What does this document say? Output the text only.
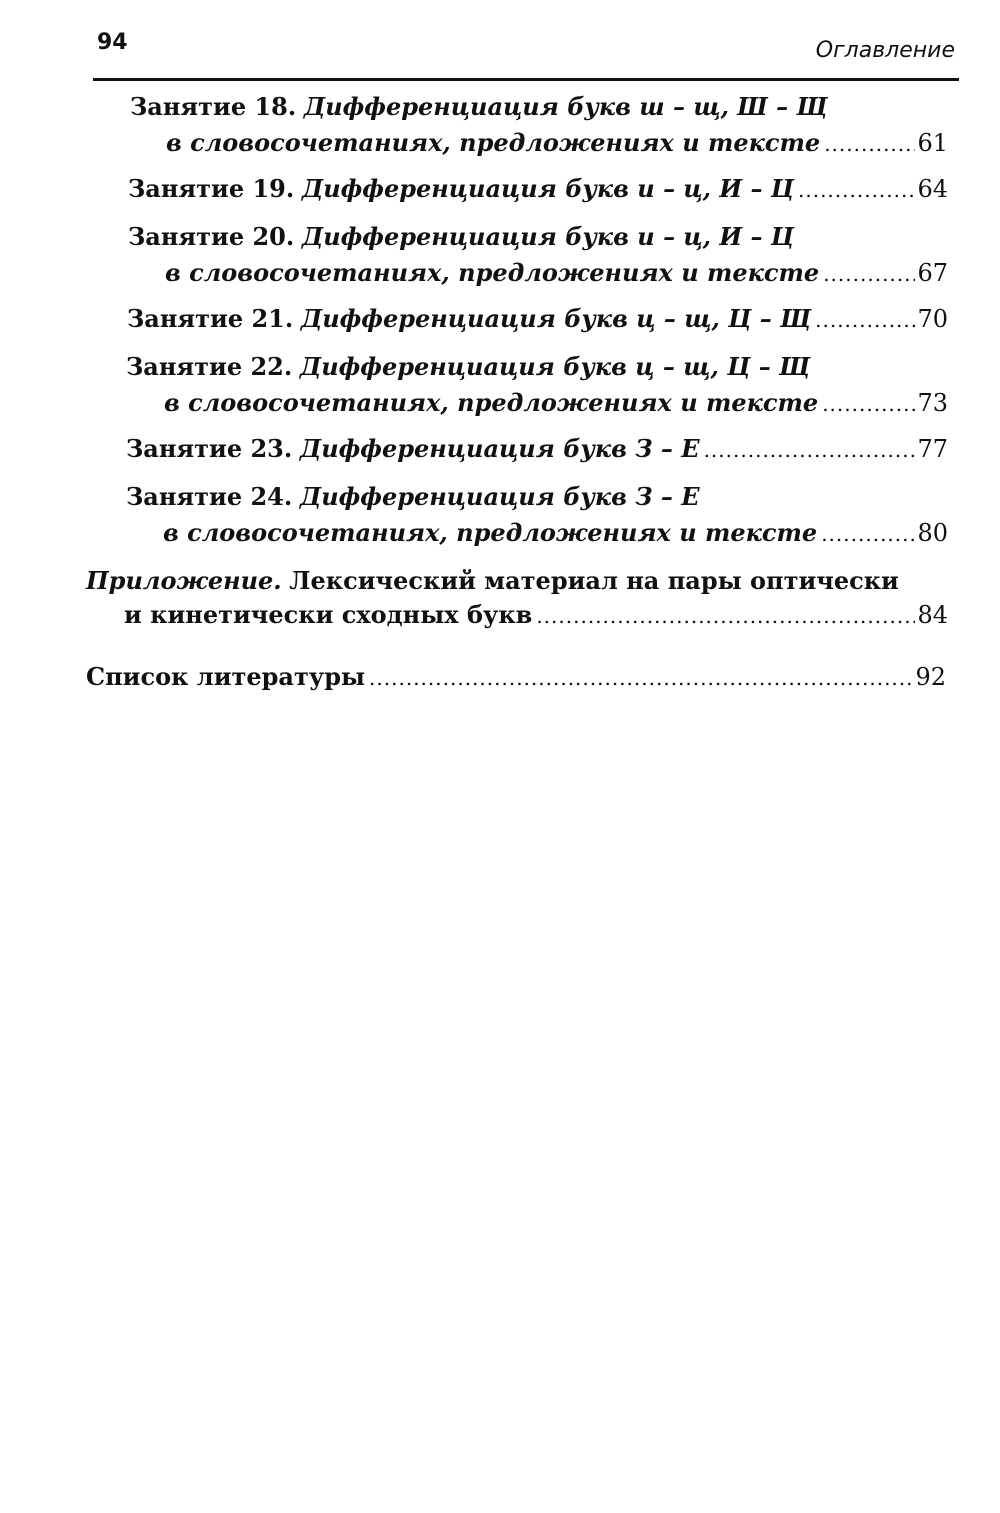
94	Оглавление
Занятие 18.
Дифференциация букв ш – щ, Ш – Щ
в словосочетаниях, предложениях и тексте .....	61
Занятие 19.
Дифференциация букв и – ц, И – Ц .....	64
Занятие 20.
Дифференциация букв и – ц, И – Ц
в словосочетаниях, предложениях и тексте .....	67
Занятие 21.
Дифференциация букв ц – щ, Ц – Щ .....	70
Занятие 22.
Дифференциация букв ц – щ, Ц – Щ
в словосочетаниях, предложениях и тексте .....	73
Занятие 23.
Дифференциация букв З – Е .....	77
Занятие 24.
Дифференциация букв З – Е
в словосочетаниях, предложениях и тексте .....	80
Приложение.
Лексический материал на пары оптически
и кинетически сходных букв .....	84
Список литературы .....	92
